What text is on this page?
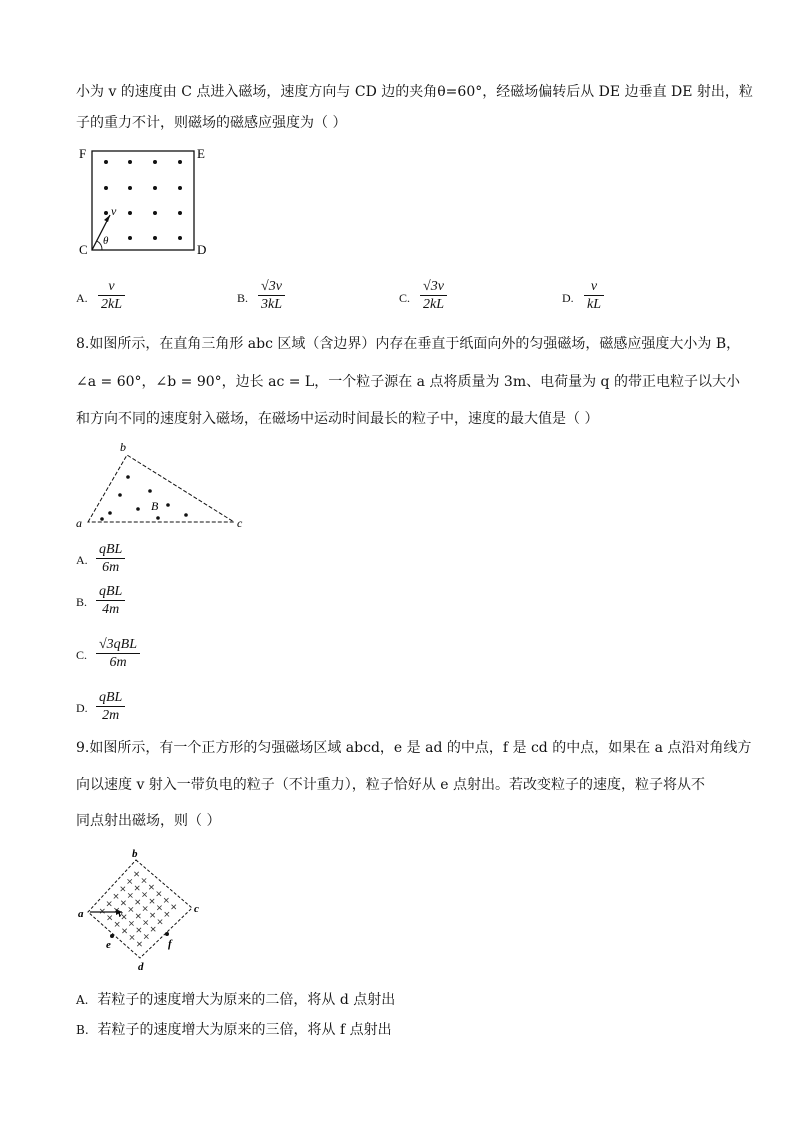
小为 v 的速度由 C 点进入磁场，速度方向与 CD 边的夹角θ=60°，经磁场偏转后从 DE 边垂直 DE 射出，粒
子的重力不计，则磁场的磁感应强度为（ ）
F	E
C	D
v
θ
A.
v
2kL	B.
√3v
3kL	C.
√3v
2kL	D.
v
kL
8.如图所示，在直角三角形 abc 区域（含边界）内存在垂直于纸面向外的匀强磁场，磁感应强度大小为 B，
∠a = 60°，∠b = 90°，边长 ac = L，一个粒子源在 a 点将质量为 3m、电荷量为 q 的带正电粒子以大小
和方向不同的速度射入磁场，在磁场中运动时间最长的粒子中，速度的最大值是（ ）
b
a	c
B
A.
qBL
6m
B.
qBL
4m
C.
√3qBL
6m
D.
qBL
2m
9.如图所示，有一个正方形的匀强磁场区域 abcd，e 是 ad 的中点，f 是 cd 的中点，如果在 a 点沿对角线方
向以速度 v 射入一带负电的粒子（不计重力），粒子恰好从 e 点射出。若改变粒子的速度，粒子将从不
同点射出磁场，则（ ）
b
a	v	c
e	f
d
A. 若粒子的速度增大为原来的二倍，将从 d 点射出
B. 若粒子的速度增大为原来的三倍，将从 f 点射出
